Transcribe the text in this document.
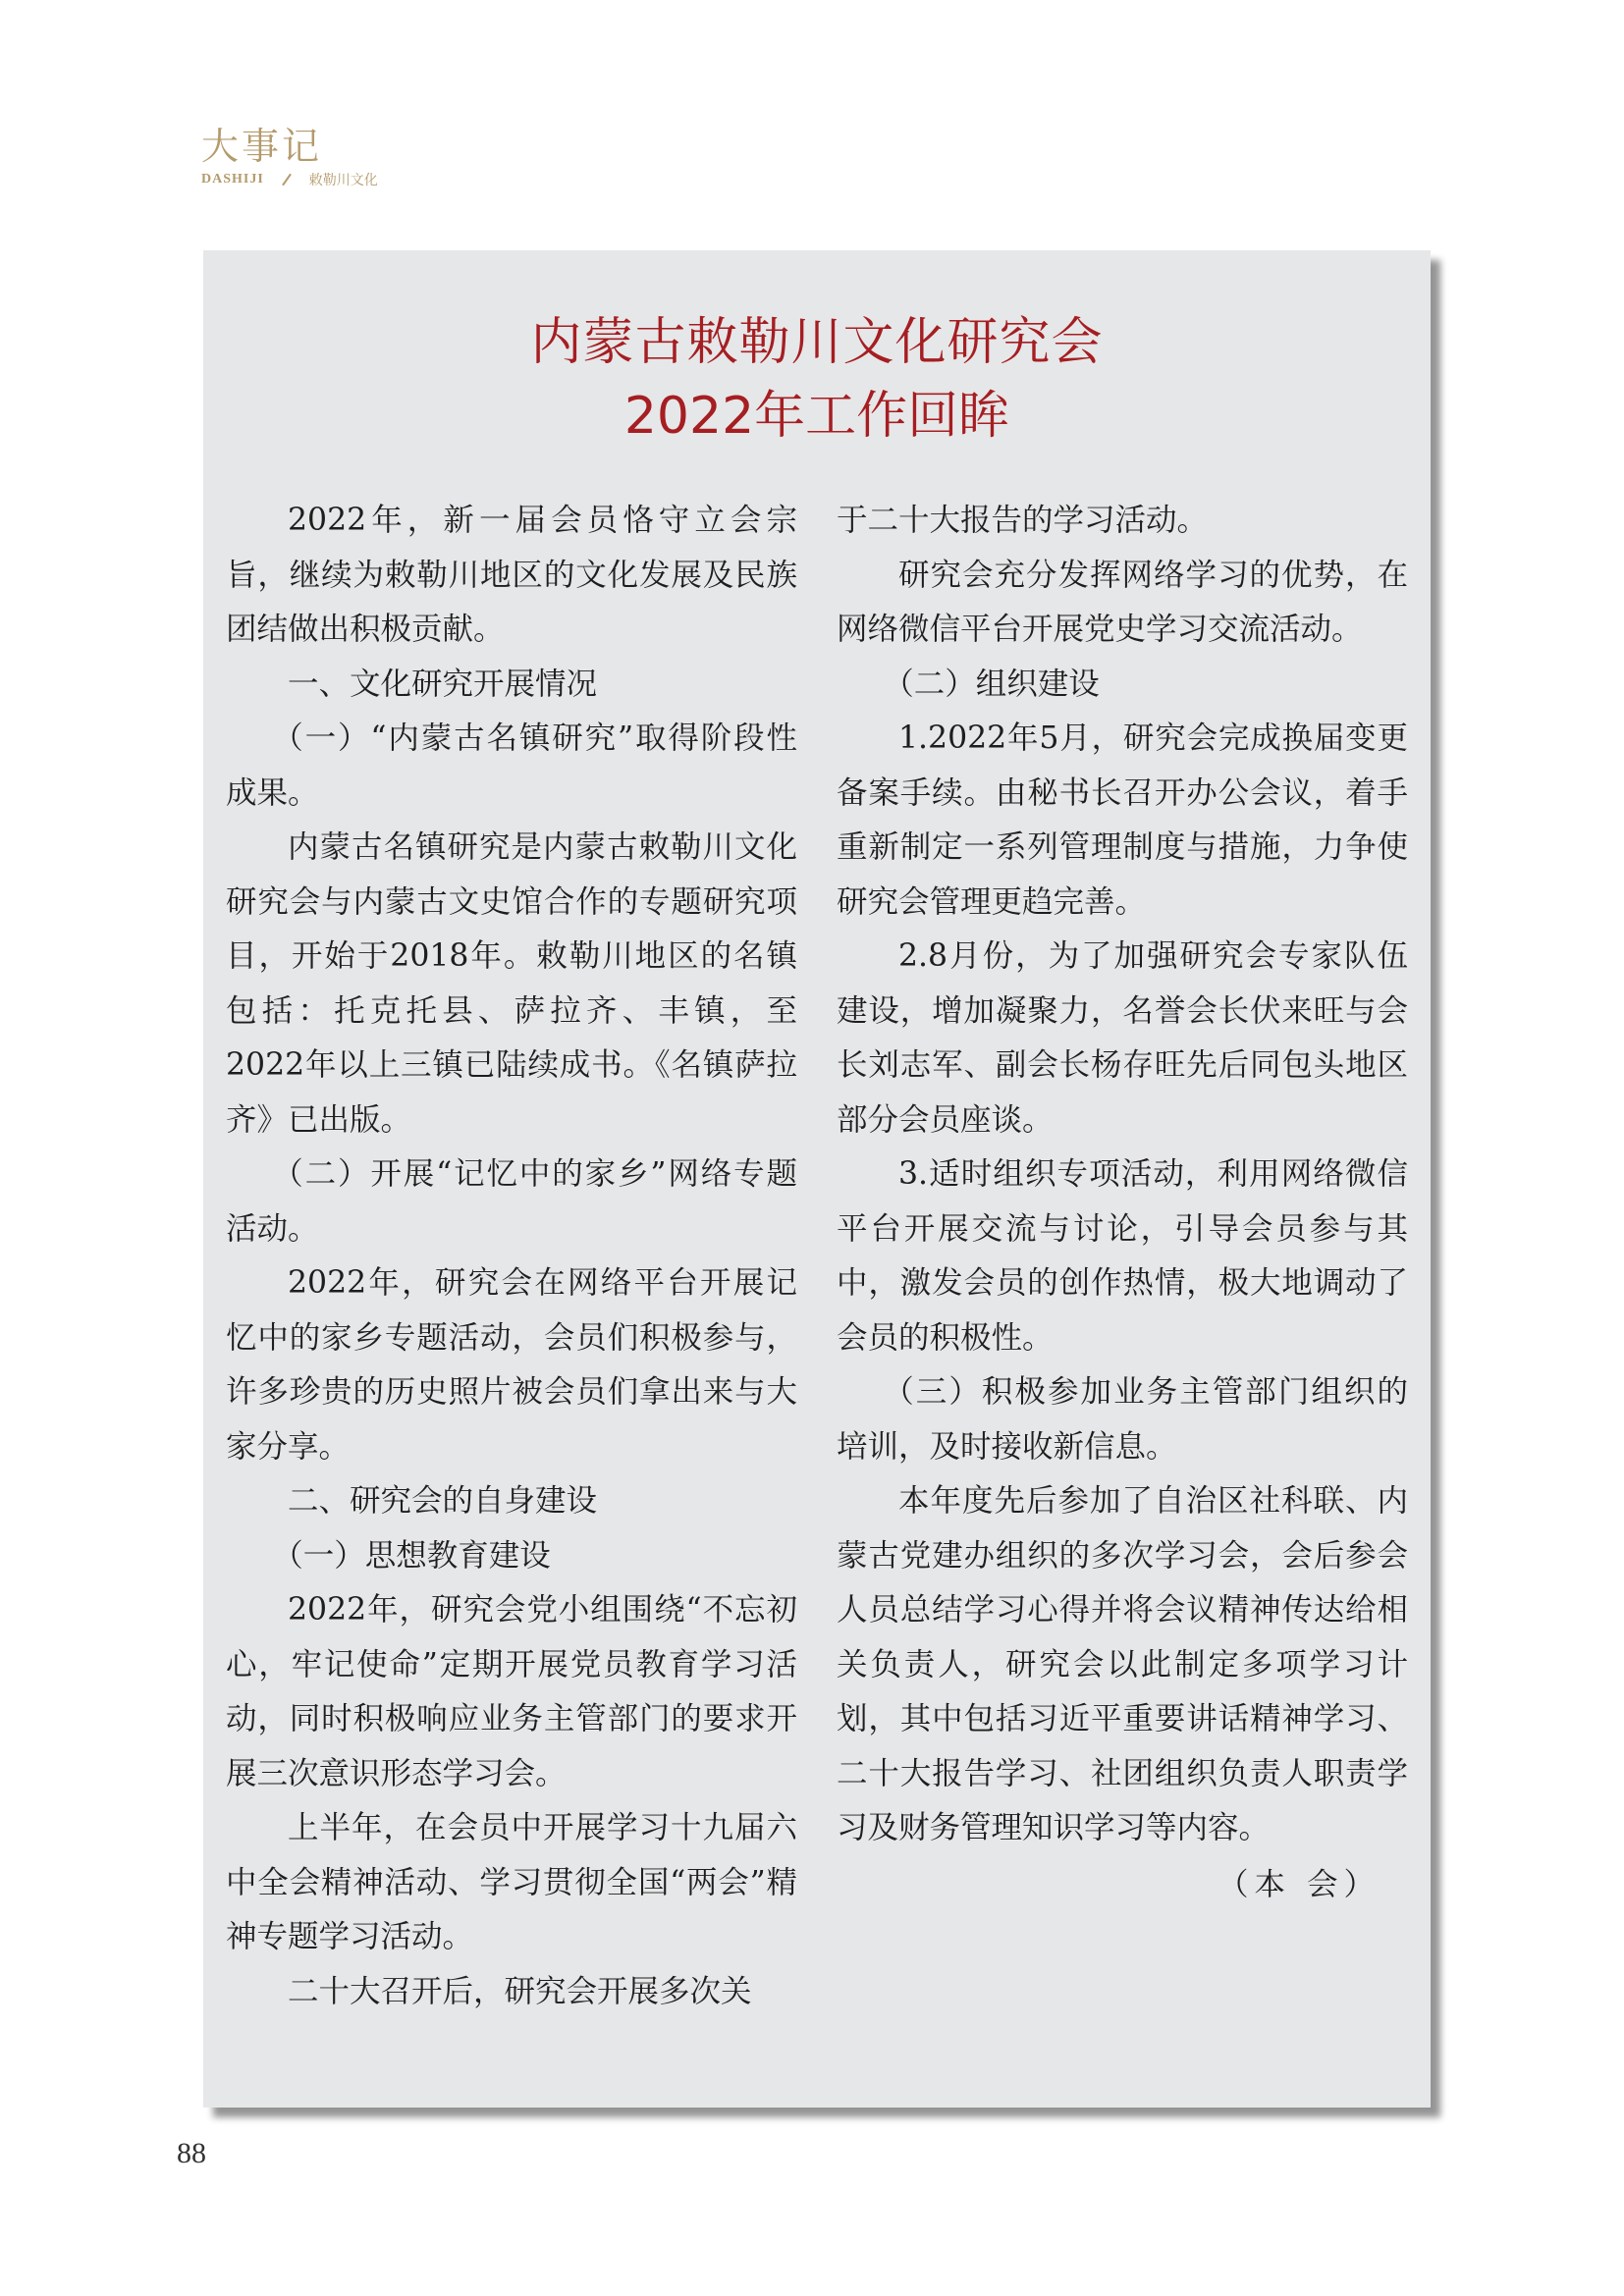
大事记
DASHIJI	敕勒川文化
内蒙古敕勒川文化研究会
2022年工作回眸

2022年，新一届会员恪守立会宗旨，继续为敕勒川地区的文化发展及民族团结做出积极贡献。

一、文化研究开展情况

（一）“内蒙古名镇研究”取得阶段性成果。

内蒙古名镇研究是内蒙古敕勒川文化研究会与内蒙古文史馆合作的专题研究项目，开始于2018年。敕勒川地区的名镇包括：托克托县、萨拉齐、丰镇，至2022年以上三镇已陆续成书。《名镇萨拉齐》已出版。

（二）开展“记忆中的家乡”网络专题活动。

2022年，研究会在网络平台开展记忆中的家乡专题活动，会员们积极参与，许多珍贵的历史照片被会员们拿出来与大家分享。

二、研究会的自身建设

（一）思想教育建设

2022年，研究会党小组围绕“不忘初心，牢记使命”定期开展党员教育学习活动，同时积极响应业务主管部门的要求开展三次意识形态学习会。

上半年，在会员中开展学习十九届六中全会精神活动、学习贯彻全国“两会”精神专题学习活动。

二十大召开后，研究会开展多次关

于二十大报告的学习活动。

研究会充分发挥网络学习的优势，在网络微信平台开展党史学习交流活动。

（二）组织建设

1.2022年5月，研究会完成换届变更备案手续。由秘书长召开办公会议，着手重新制定一系列管理制度与措施，力争使研究会管理更趋完善。

2.8月份，为了加强研究会专家队伍建设，增加凝聚力，名誉会长伏来旺与会长刘志军、副会长杨存旺先后同包头地区部分会员座谈。

3.适时组织专项活动，利用网络微信平台开展交流与讨论，引导会员参与其中，激发会员的创作热情，极大地调动了会员的积极性。

（三）积极参加业务主管部门组织的培训，及时接收新信息。

本年度先后参加了自治区社科联、内蒙古党建办组织的多次学习会，会后参会人员总结学习心得并将会议精神传达给相关负责人，研究会以此制定多项学习计划，其中包括习近平重要讲话精神学习、二十大报告学习、社团组织负责人职责学习及财务管理知识学习等内容。

（本 会）

88
